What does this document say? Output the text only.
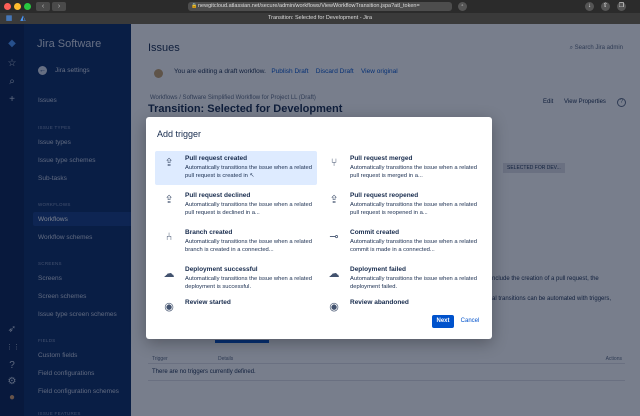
‹	›	🔒 newgitcloud.atlassian.net/secure/admin/workflows/ViewWorkflowTransition.jspa?atl_token=	◦	↓	⇧	❐
▦	◭	Transition: Selected for Development - Jira

Add trigger
⇪	Pull request created
Automatically transitions the issue when a related pull request is created in ↖
⑂	Pull request merged
Automatically transitions the issue when a related pull request is merged in a...
⇪	Pull request declined
Automatically transitions the issue when a related pull request is declined in a...
⇪	Pull request reopened
Automatically transitions the issue when a related pull request is reopened in a...
⑃	Branch created
Automatically transitions the issue when a related branch is created in a connected...
⊸	Commit created
Automatically transitions the issue when a related commit is made in a connected...
☁ Deployment successful
Automatically transitions the issue when a related deployment is successful.
☁ Deployment failed
Automatically transitions the issue when a related deployment failed.
◉	Review started	◉	Review abandoned
Next	Cancel
